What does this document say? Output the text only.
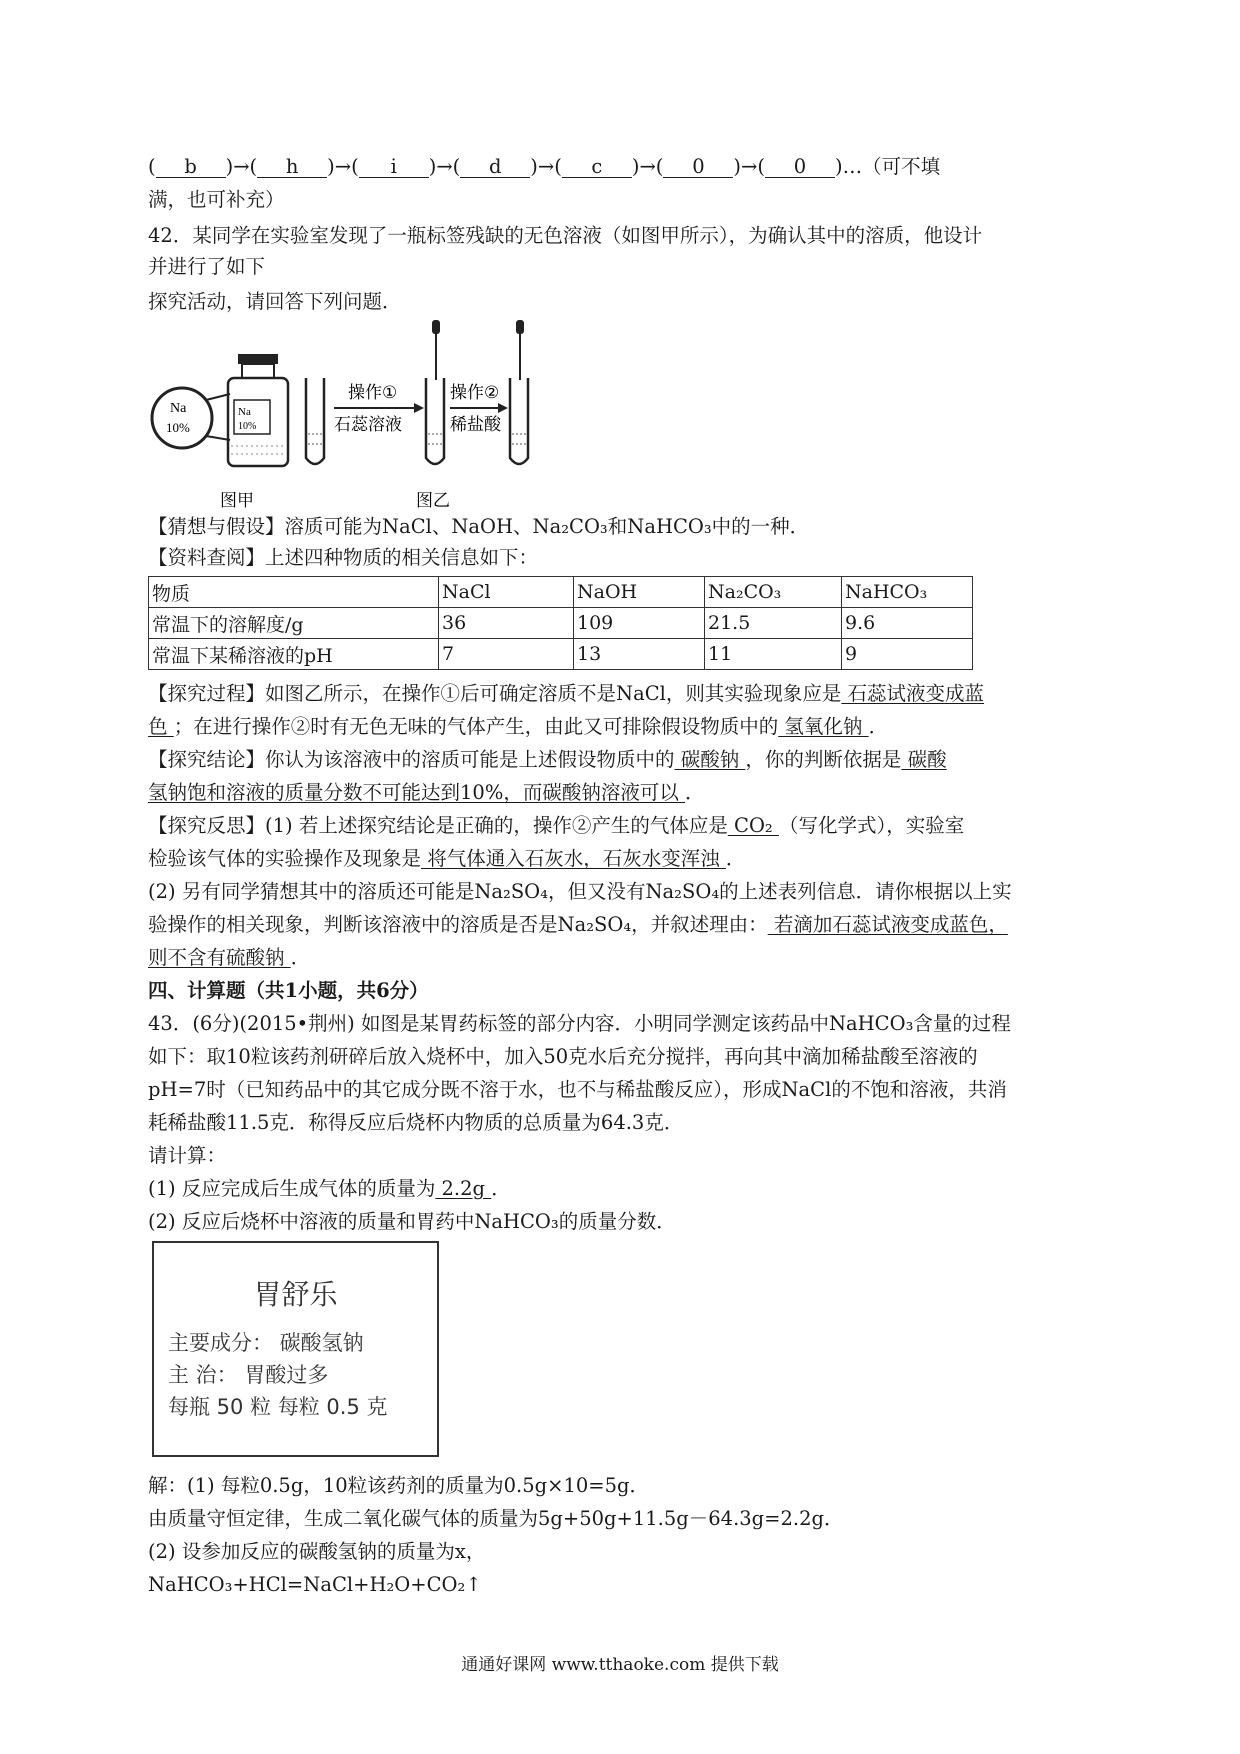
( b )→( h )→( i )→( d )→( c )→( 0 )→( 0 )…（可不填
满，也可补充）
42．某同学在实验室发现了一瓶标签残缺的无色溶液（如图甲所示），为确认其中的溶质，他设计
并进行了如下
探究活动，请回答下列问题．
Na
10%
Na
10%
操作①
石蕊溶液
操作②
稀盐酸
图甲	图乙
【猜想与假设】溶质可能为NaCl、NaOH、Na₂CO₃和NaHCO₃中的一种．
【资料查阅】上述四种物质的相关信息如下：
物质	NaCl	NaOH	Na₂CO₃	NaHCO₃
常温下的溶解度/g	36	109	21.5	9.6
常温下某稀溶液的pH	7	13	11	9
【探究过程】如图乙所示，在操作①后可确定溶质不是NaCl，则其实验现象应是 石蕊试液变成蓝
色 ；在进行操作②时有无色无味的气体产生，由此又可排除假设物质中的 氢氧化钠 ．
【探究结论】你认为该溶液中的溶质可能是上述假设物质中的 碳酸钠 ，你的判断依据是 碳酸
氢钠饱和溶液的质量分数不可能达到10%，而碳酸钠溶液可以 ．
【探究反思】(1) 若上述探究结论是正确的，操作②产生的气体应是 CO₂ （写化学式），实验室
检验该气体的实验操作及现象是 将气体通入石灰水，石灰水变浑浊 ．
(2) 另有同学猜想其中的溶质还可能是Na₂SO₄，但又没有Na₂SO₄的上述表列信息．请你根据以上实
验操作的相关现象，判断该溶液中的溶质是否是Na₂SO₄，并叙述理由： 若滴加石蕊试液变成蓝色，
则不含有硫酸钠 ．
四、计算题（共1小题，共6分）
43．(6分)(2015•荆州) 如图是某胃药标签的部分内容．小明同学测定该药品中NaHCO₃含量的过程
如下：取10粒该药剂研碎后放入烧杯中，加入50克水后充分搅拌，再向其中滴加稀盐酸至溶液的
pH=7时（已知药品中的其它成分既不溶于水，也不与稀盐酸反应），形成NaCl的不饱和溶液，共消
耗稀盐酸11.5克．称得反应后烧杯内物质的总质量为64.3克．
请计算：
(1) 反应完成后生成气体的质量为 2.2g ．
(2) 反应后烧杯中溶液的质量和胃药中NaHCO₃的质量分数．
胃舒乐
主要成分： 碳酸氢钠
主 治： 胃酸过多
每瓶 50 粒 每粒 0.5 克
解：(1) 每粒0.5g，10粒该药剂的质量为0.5g×10=5g．
由质量守恒定律，生成二氧化碳气体的质量为5g+50g+11.5g－64.3g=2.2g．
(2) 设参加反应的碳酸氢钠的质量为x，
NaHCO₃+HCl=NaCl+H₂O+CO₂↑
通通好课网 www.tthaoke.com 提供下载
